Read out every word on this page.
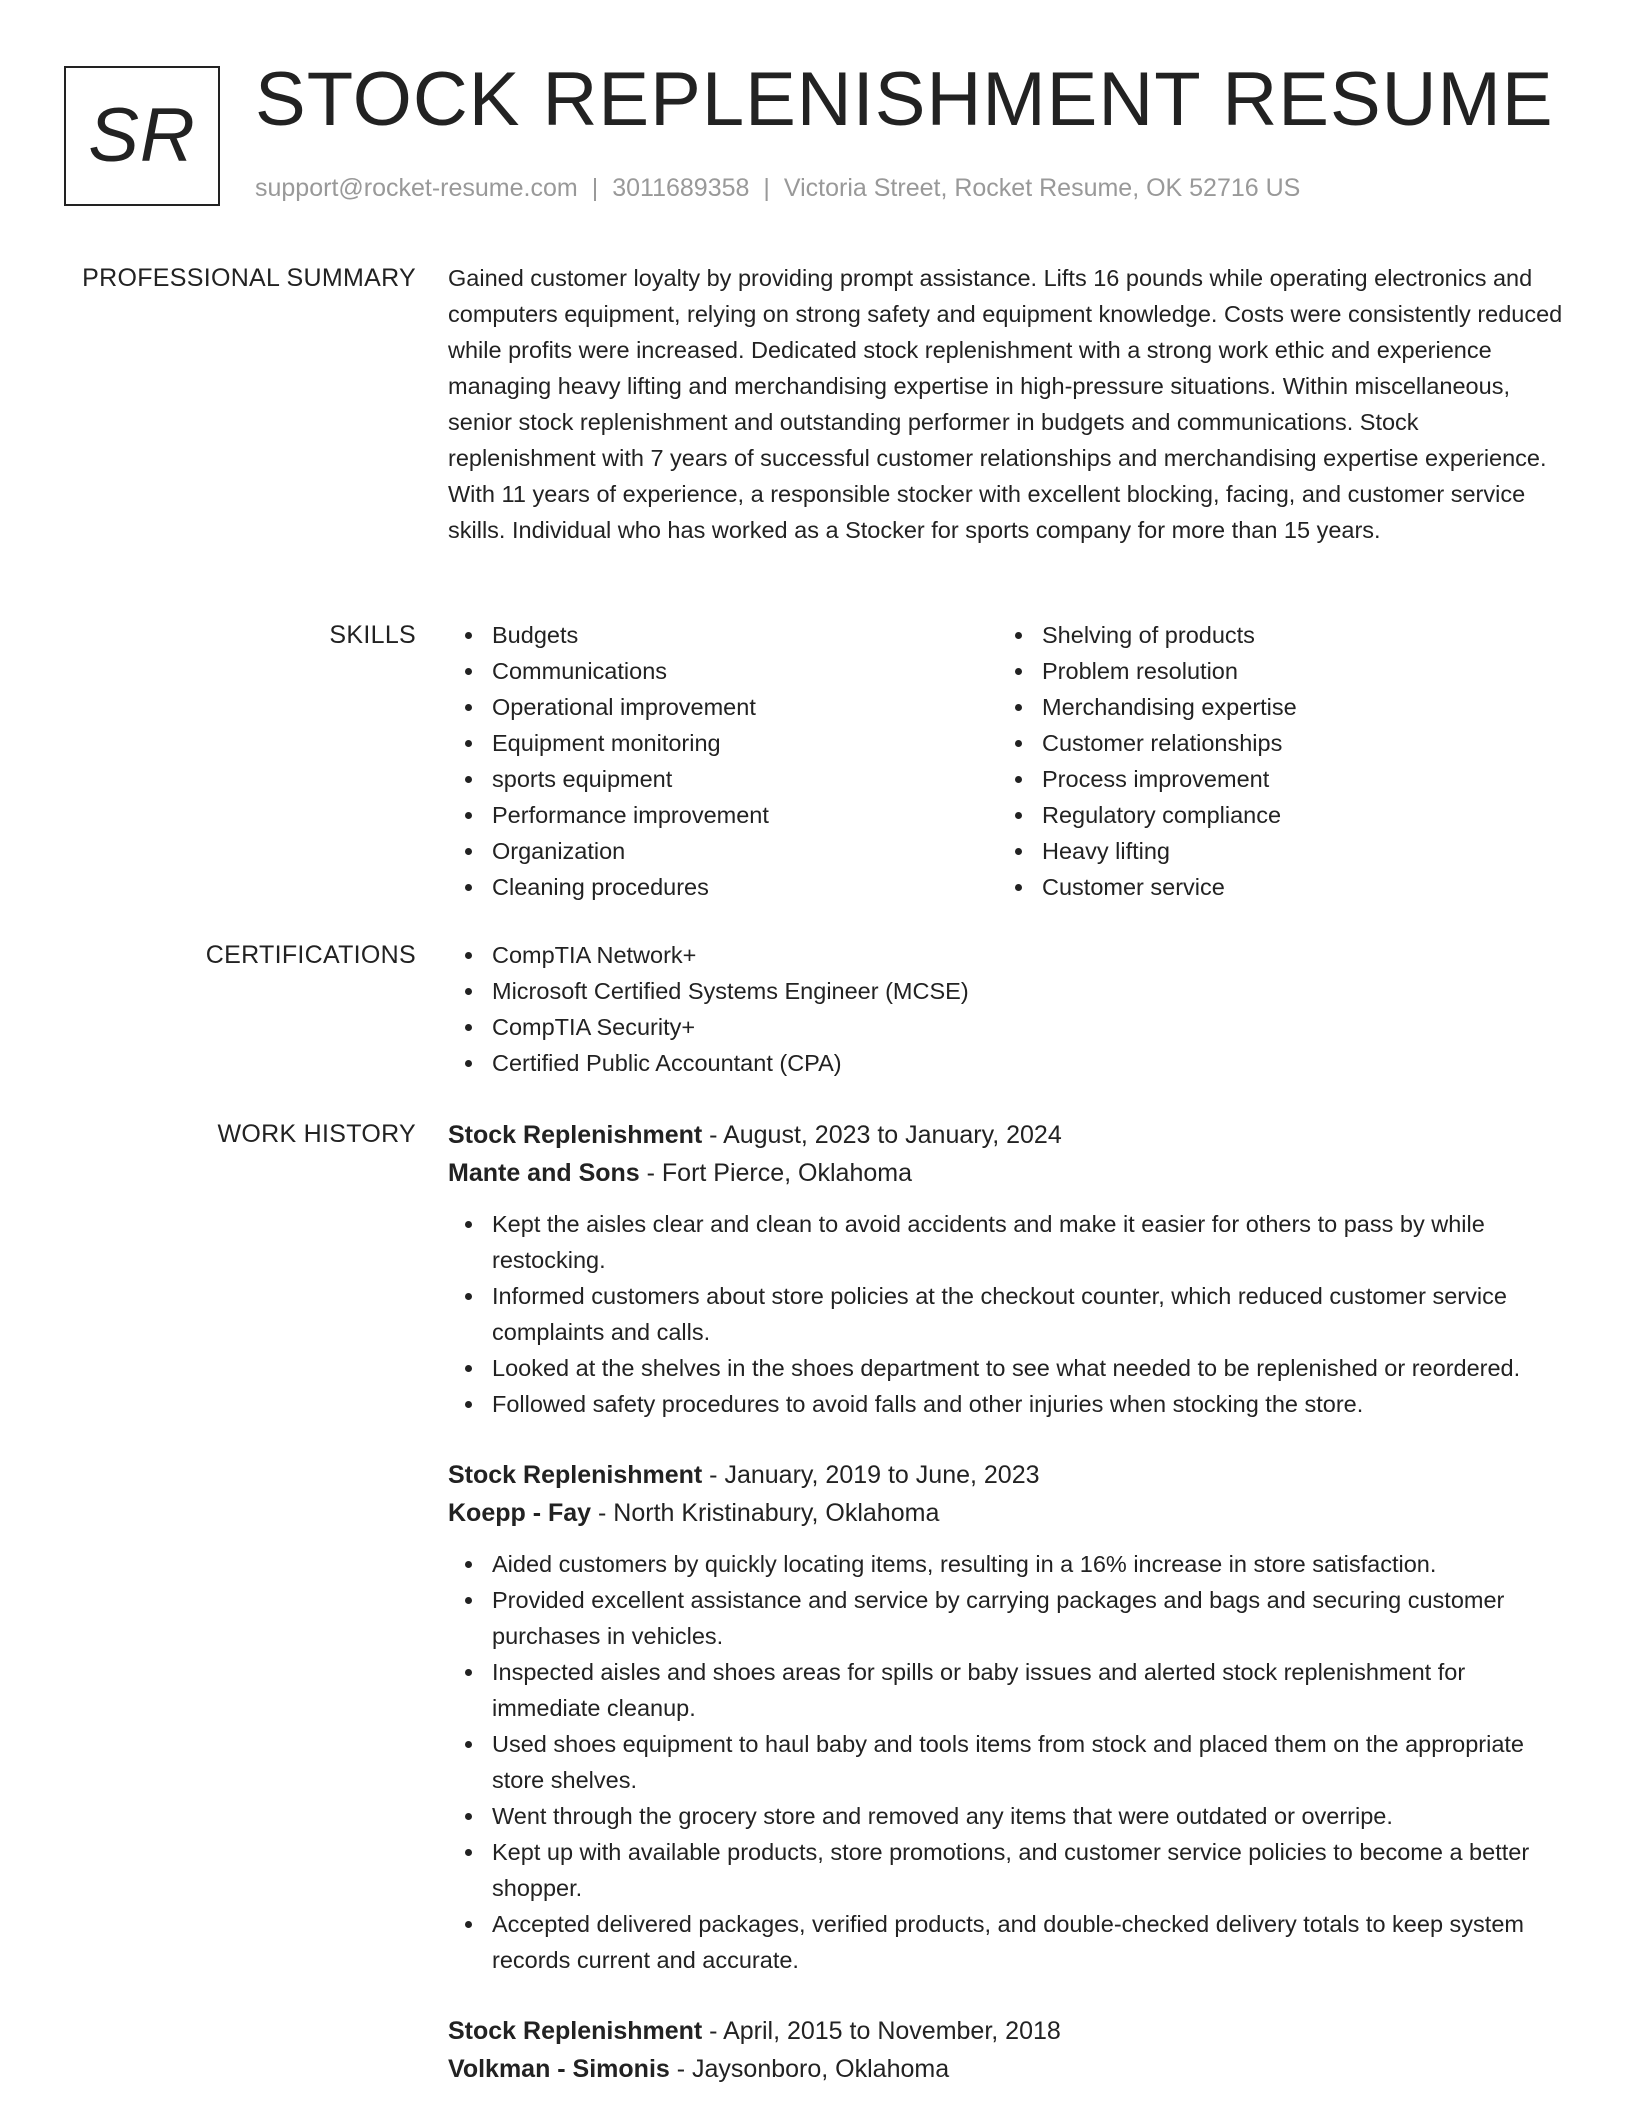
SR STOCK REPLENISHMENT RESUME
support@rocket-resume.com | 3011689358 | Victoria Street, Rocket Resume, OK 52716 US
PROFESSIONAL SUMMARY Gained customer loyalty by providing prompt assistance. Lifts 16 pounds while operating electronics and computers equipment, relying on strong safety and equipment knowledge. Costs were consistently reduced while profits were increased. Dedicated stock replenishment with a strong work ethic and experience managing heavy lifting and merchandising expertise in high-pressure situations. Within miscellaneous, senior stock replenishment and outstanding performer in budgets and communications. Stock replenishment with 7 years of successful customer relationships and merchandising expertise experience. With 11 years of experience, a responsible stocker with excellent blocking, facing, and customer service skills. Individual who has worked as a Stocker for sports company for more than 15 years.

SKILLS	Budgets
Communications
Operational improvement
Equipment monitoring
sports equipment
Performance improvement
Organization
Cleaning procedures
Shelving of products
Problem resolution
Merchandising expertise
Customer relationships
Process improvement
Regulatory compliance
Heavy lifting
Customer service
CERTIFICATIONS	CompTIA Network+
Microsoft Certified Systems Engineer (MCSE)
CompTIA Security+
Certified Public Accountant (CPA)
WORK HISTORY Stock Replenishment - August, 2023 to January, 2024

Mante and Sons - Fort Pierce, Oklahoma

Kept the aisles clear and clean to avoid accidents and make it easier for others to pass by while restocking.
Informed customers about store policies at the checkout counter, which reduced customer service complaints and calls.
Looked at the shelves in the shoes department to see what needed to be replenished or reordered.
Followed safety procedures to avoid falls and other injuries when stocking the store.

Stock Replenishment - January, 2019 to June, 2023

Koepp - Fay - North Kristinabury, Oklahoma

Aided customers by quickly locating items, resulting in a 16% increase in store satisfaction.
Provided excellent assistance and service by carrying packages and bags and securing customer purchases in vehicles.
Inspected aisles and shoes areas for spills or baby issues and alerted stock replenishment for immediate cleanup.
Used shoes equipment to haul baby and tools items from stock and placed them on the appropriate store shelves.
Went through the grocery store and removed any items that were outdated or overripe.
Kept up with available products, store promotions, and customer service policies to become a better shopper.
Accepted delivered packages, verified products, and double-checked delivery totals to keep system records current and accurate.

Stock Replenishment - April, 2015 to November, 2018

Volkman - Simonis - Jaysonboro, Oklahoma
